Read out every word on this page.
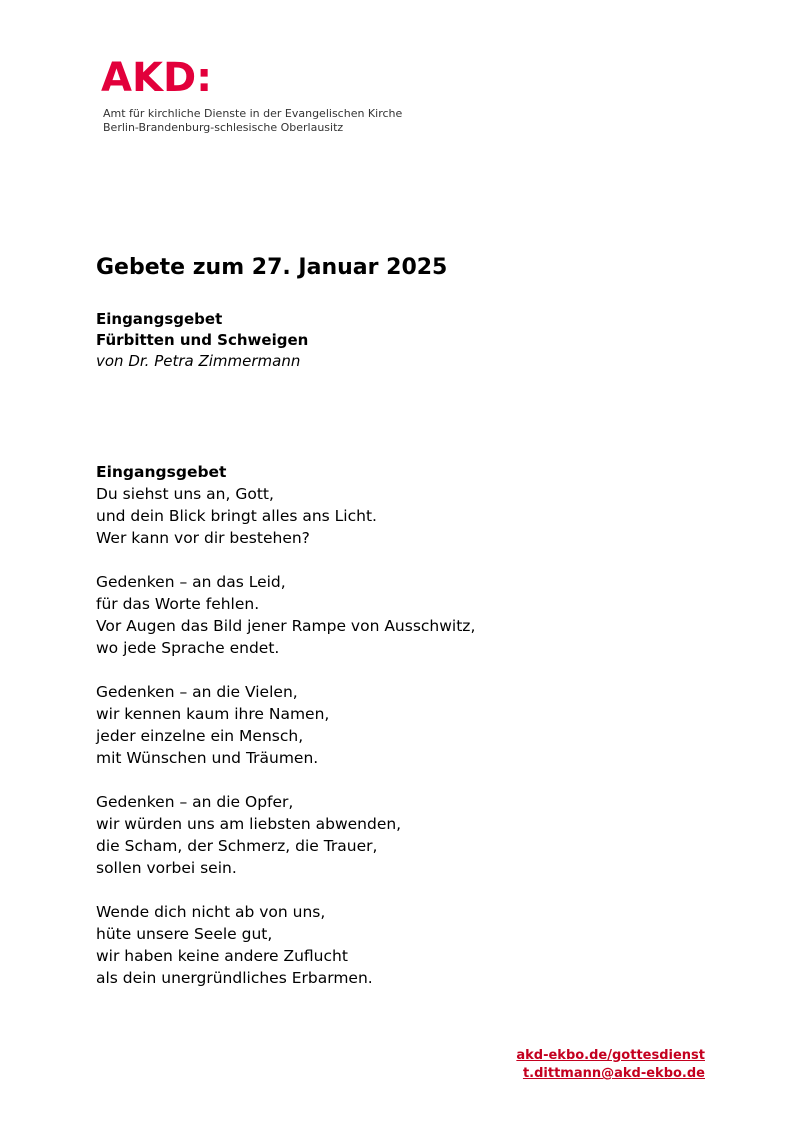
AKD:
Amt für kirchliche Dienste in der Evangelischen Kirche
Berlin-Brandenburg-schlesische Oberlausitz
Gebete zum 27. Januar 2025
Eingangsgebet
Fürbitten und Schweigen
von Dr. Petra Zimmermann
Eingangsgebet
Du siehst uns an, Gott,
und dein Blick bringt alles ans Licht.
Wer kann vor dir bestehen?
Gedenken – an das Leid,
für das Worte fehlen.
Vor Augen das Bild jener Rampe von Ausschwitz,
wo jede Sprache endet.
Gedenken – an die Vielen,
wir kennen kaum ihre Namen,
jeder einzelne ein Mensch,
mit Wünschen und Träumen.
Gedenken – an die Opfer,
wir würden uns am liebsten abwenden,
die Scham, der Schmerz, die Trauer,
sollen vorbei sein.
Wende dich nicht ab von uns,
hüte unsere Seele gut,
wir haben keine andere Zuflucht
als dein unergründliches Erbarmen.
akd-ekbo.de/gottesdienst
t.dittmann@akd-ekbo.de
